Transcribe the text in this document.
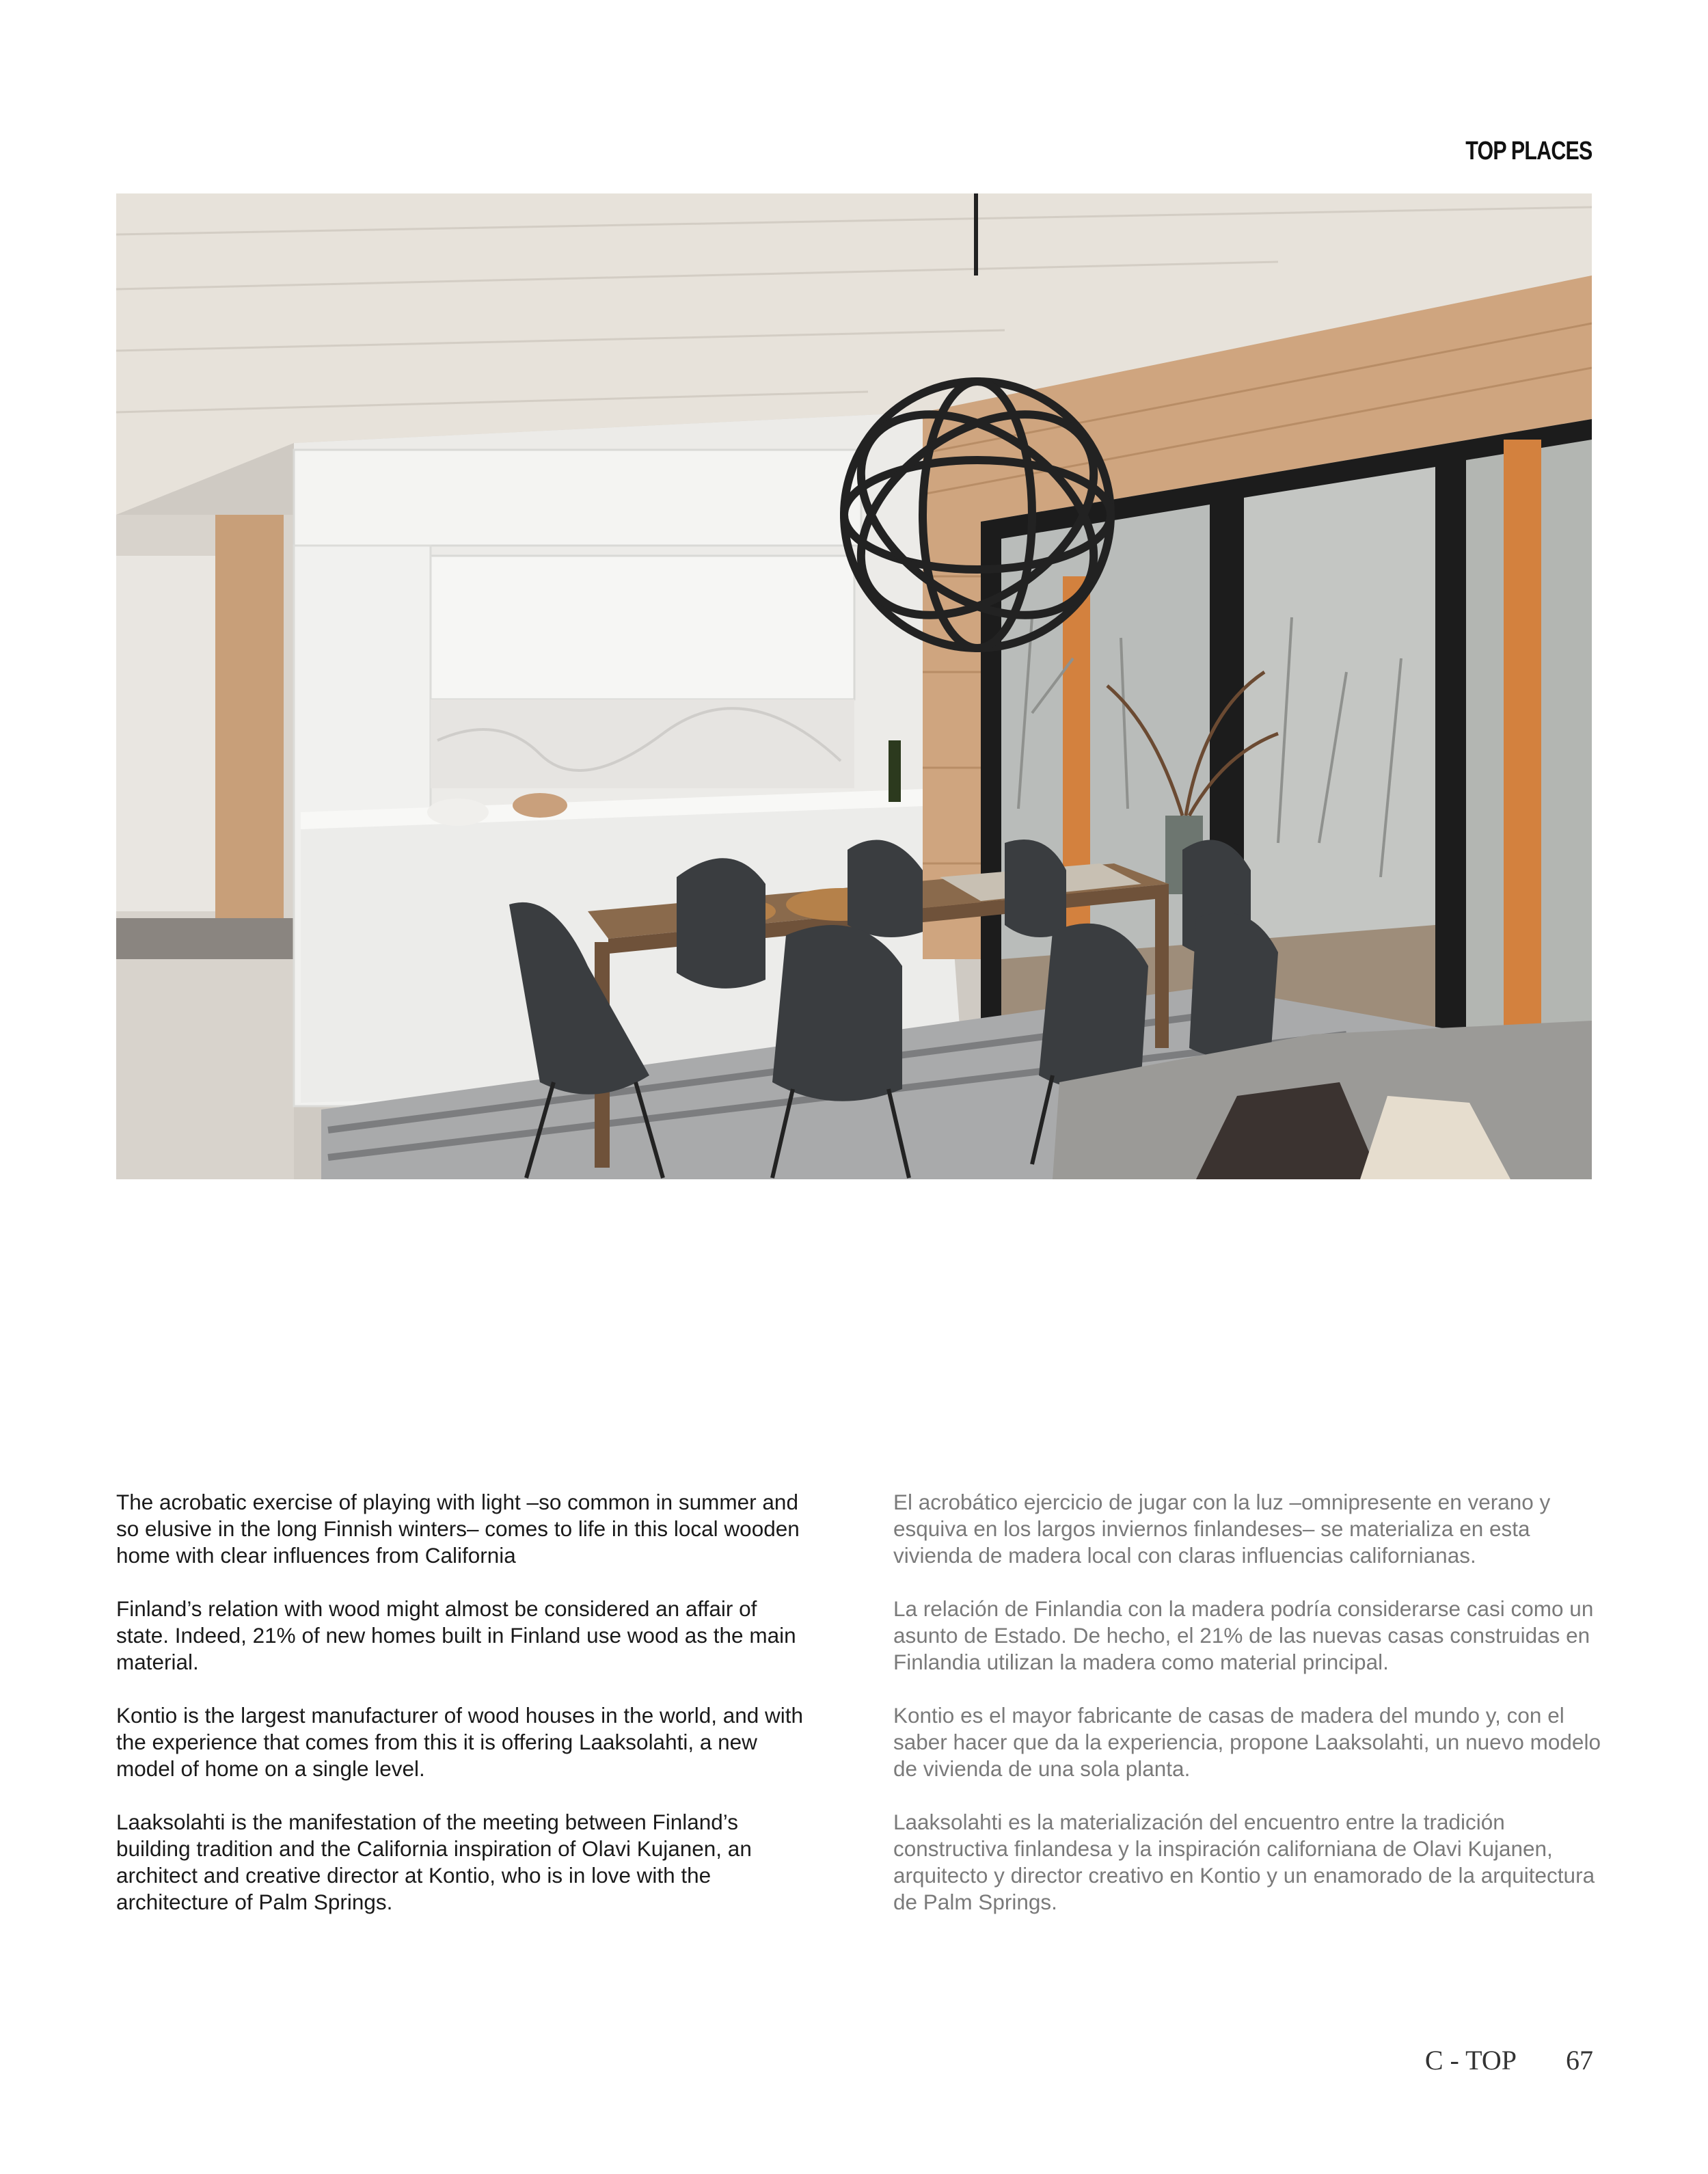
TOP PLACES

The acrobatic exercise of playing with light –so common in summer and so elusive in the long Finnish winters– comes to life in this local wooden home with clear influences from California

Finland’s relation with wood might almost be considered an affair of state. Indeed, 21% of new homes built in Finland use wood as the main material.

Kontio is the largest manufacturer of wood houses in the world, and with the experience that comes from this it is offering Laaksolahti, a new model of home on a single level.

Laaksolahti is the manifestation of the meeting between Finland’s building tradition and the California inspiration of Olavi Kujanen, an architect and creative director at Kontio, who is in love with the architecture of Palm Springs.

El acrobático ejercicio de jugar con la luz –omnipresente en verano y esquiva en los largos inviernos finlandeses– se materializa en esta vivienda de madera local con claras influencias californianas.

La relación de Finlandia con la madera podría considerarse casi como un asunto de Estado. De hecho, el 21% de las nuevas casas construidas en Finlandia utilizan la madera como material principal.

Kontio es el mayor fabricante de casas de madera del mundo y, con el saber hacer que da la experiencia, propone Laaksolahti, un nuevo modelo de vivienda de una sola planta.

Laaksolahti es la materialización del encuentro entre la tradición constructiva finlandesa y la inspiración californiana de Olavi Kujanen, arquitecto y director creativo en Kontio y un enamorado de la arquitectura de Palm Springs.

C - TOP 67
